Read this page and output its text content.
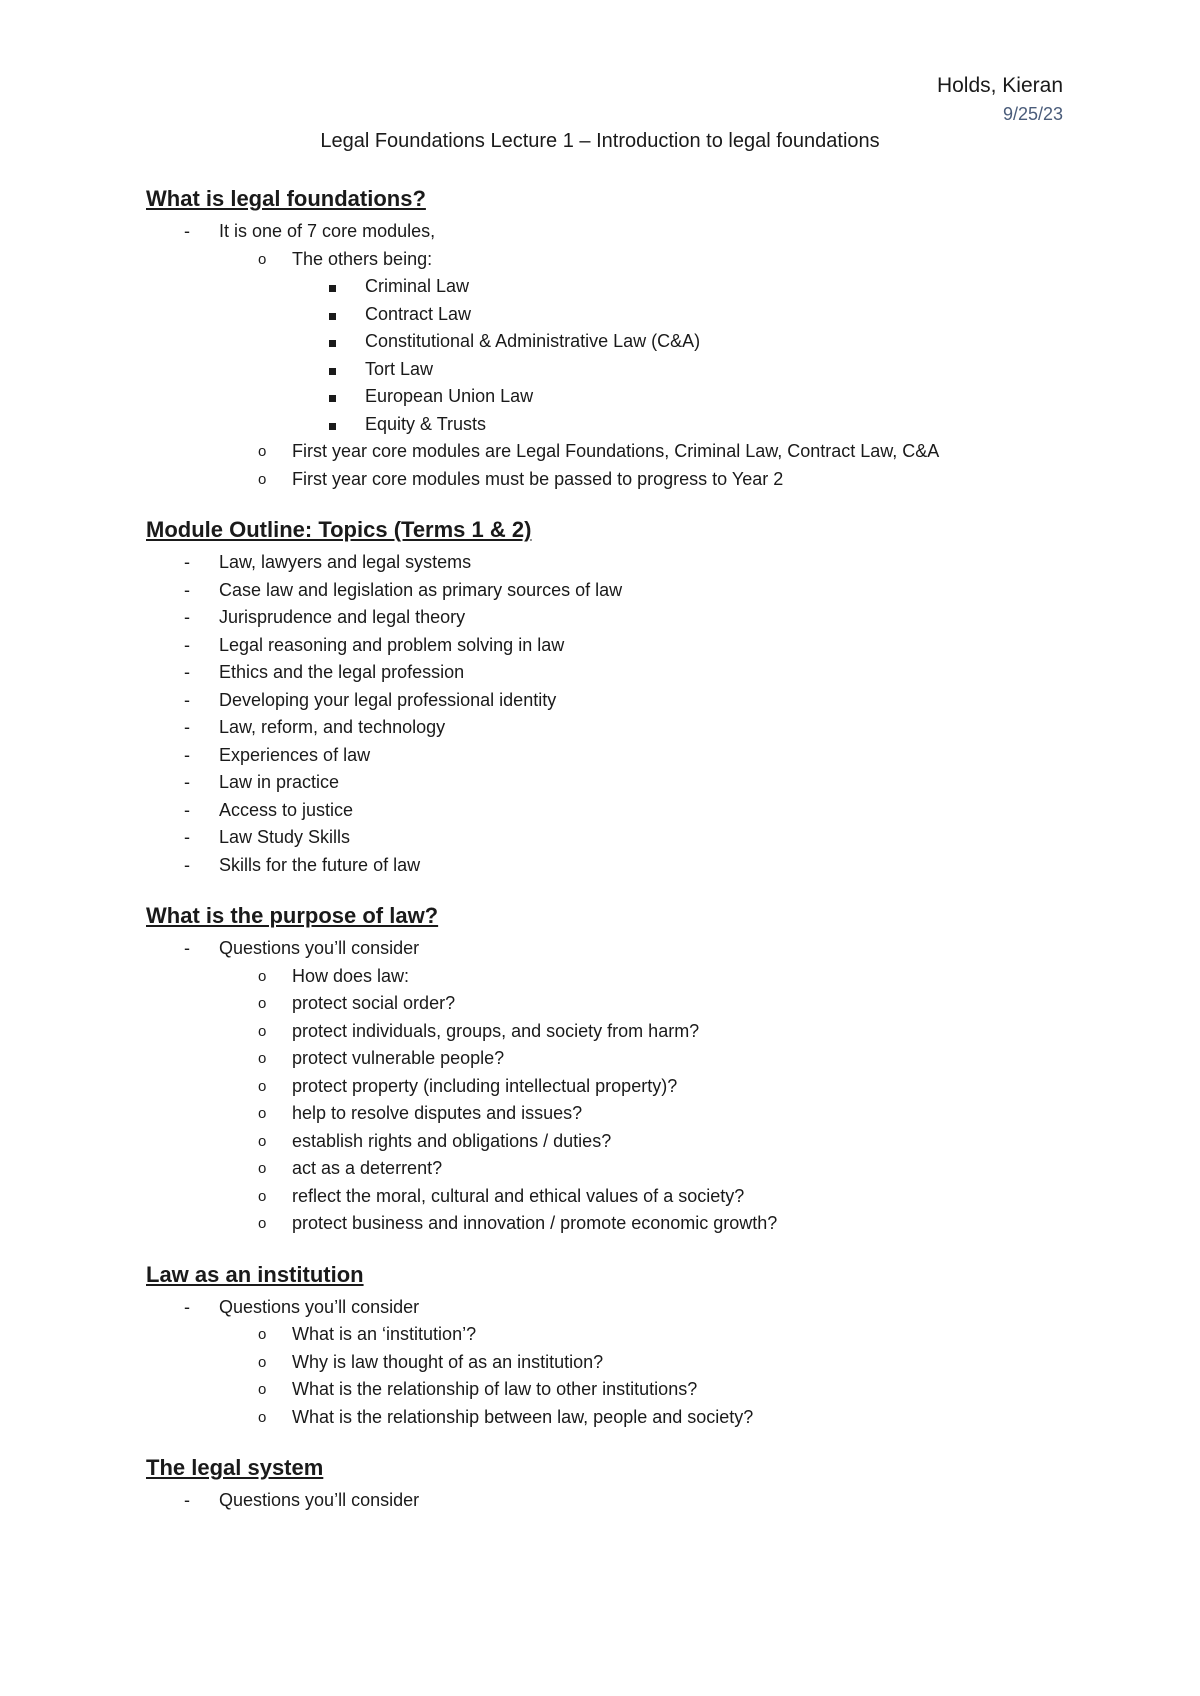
Holds, Kieran
9/25/23
Legal Foundations Lecture 1 – Introduction to legal foundations
What is legal foundations?
- It is one of 7 core modules,
o The others being:
Criminal Law
Contract Law
Constitutional & Administrative Law (C&A)
Tort Law
European Union Law
Equity & Trusts
o First year core modules are Legal Foundations, Criminal Law, Contract Law, C&A
o First year core modules must be passed to progress to Year 2
Module Outline: Topics (Terms 1 & 2)
- Law, lawyers and legal systems
- Case law and legislation as primary sources of law
- Jurisprudence and legal theory
- Legal reasoning and problem solving in law
- Ethics and the legal profession
- Developing your legal professional identity
- Law, reform, and technology
- Experiences of law
- Law in practice
- Access to justice
- Law Study Skills
- Skills for the future of law
What is the purpose of law?
- Questions you’ll consider
o How does law:
o protect social order?
o protect individuals, groups, and society from harm?
o protect vulnerable people?
o protect property (including intellectual property)?
o help to resolve disputes and issues?
o establish rights and obligations / duties?
o act as a deterrent?
o reflect the moral, cultural and ethical values of a society?
o protect business and innovation / promote economic growth?
Law as an institution
- Questions you’ll consider
o What is an ‘institution’?
o Why is law thought of as an institution?
o What is the relationship of law to other institutions?
o What is the relationship between law, people and society?
The legal system
- Questions you’ll consider
